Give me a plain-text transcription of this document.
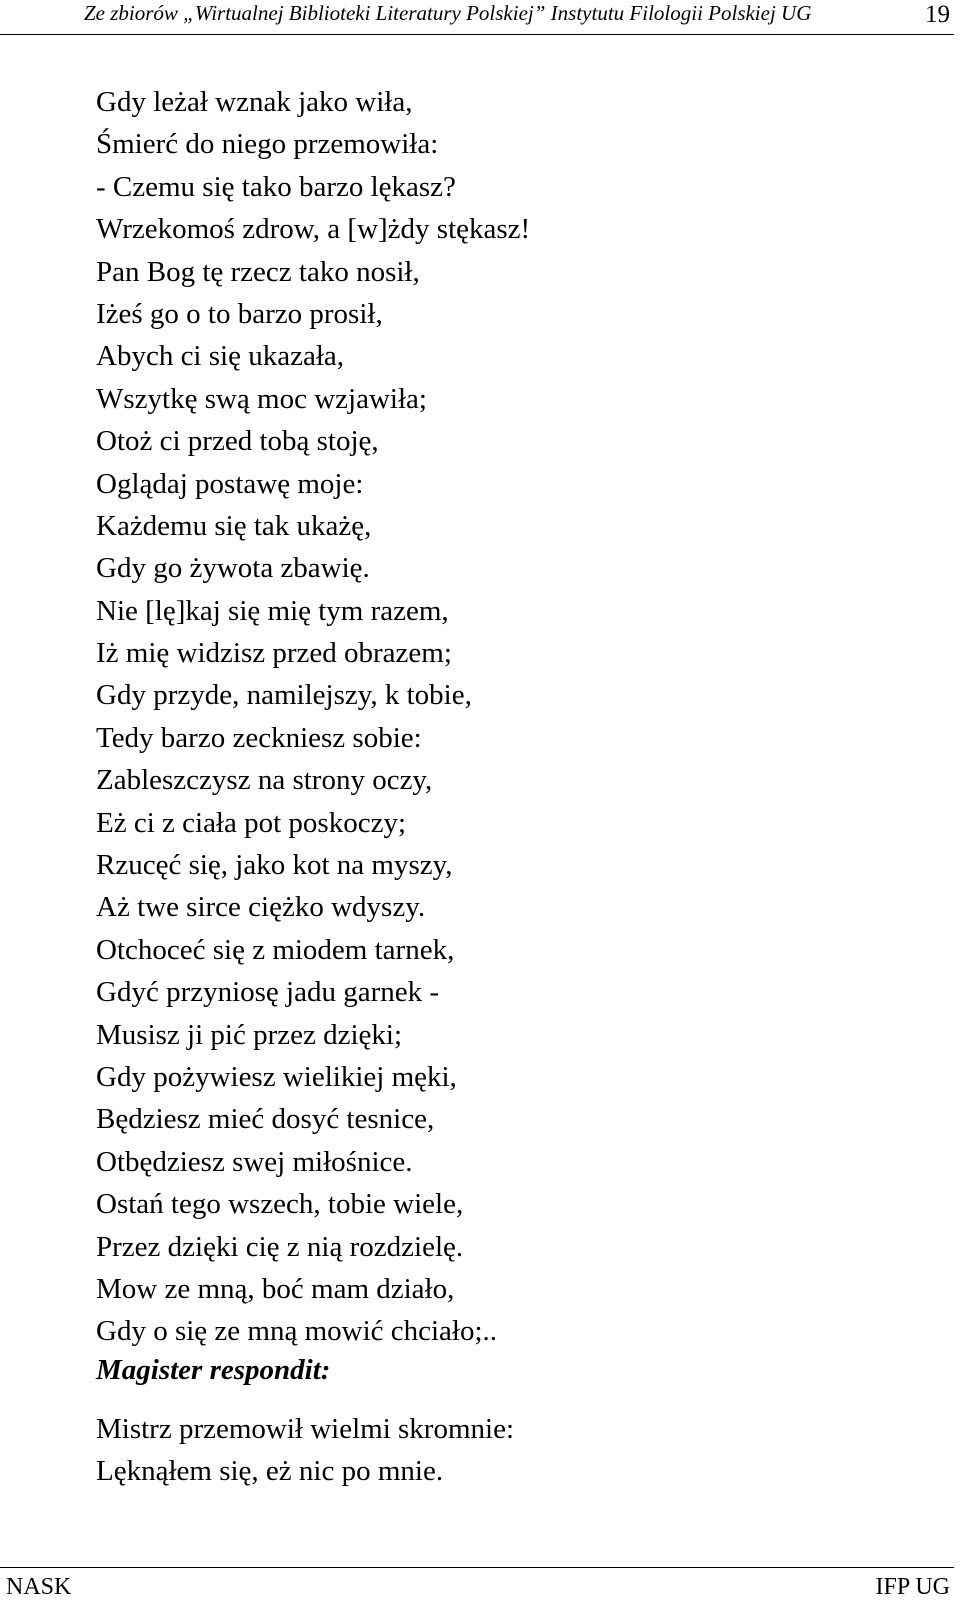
Ze zbiorów „Wirtualnej Biblioteki Literatury Polskiej” Instytutu Filologii Polskiej UG	19
Gdy leżał wznak jako wiła,
Śmierć do niego przemowiła:
- Czemu się tako barzo lękasz?
Wrzekomoś zdrow, a [w]żdy stękasz!
Pan Bog tę rzecz tako nosił,
Iżeś go o to barzo prosił,
Abych ci się ukazała,
Wszytkę swą moc wzjawiła;
Otoż ci przed tobą stoję,
Oglądaj postawę moje:
Każdemu się tak ukażę,
Gdy go żywota zbawię.
Nie [lę]kaj się mię tym razem,
Iż mię widzisz przed obrazem;
Gdy przyde, namilejszy, k tobie,
Tedy barzo zeckniesz sobie:
Zableszczysz na strony oczy,
Eż ci z ciała pot poskoczy;
Rzucęć się, jako kot na myszy,
Aż twe sirce ciężko wdyszy.
Otchoceć się z miodem tarnek,
Gdyć przyniosę jadu garnek -
Musisz ji pić przez dzięki;
Gdy pożywiesz wielikiej męki,
Będziesz mieć dosyć tesnice,
Otbędziesz swej miłośnice.
Ostań tego wszech, tobie wiele,
Przez dzięki cię z nią rozdzielę.
Mow ze mną, boć mam działo,
Gdy o się ze mną mowić chciało;..
Magister respondit:
Mistrz przemowił wielmi skromnie:
Lęknąłem się, eż nic po mnie.
NASK	IFP UG
